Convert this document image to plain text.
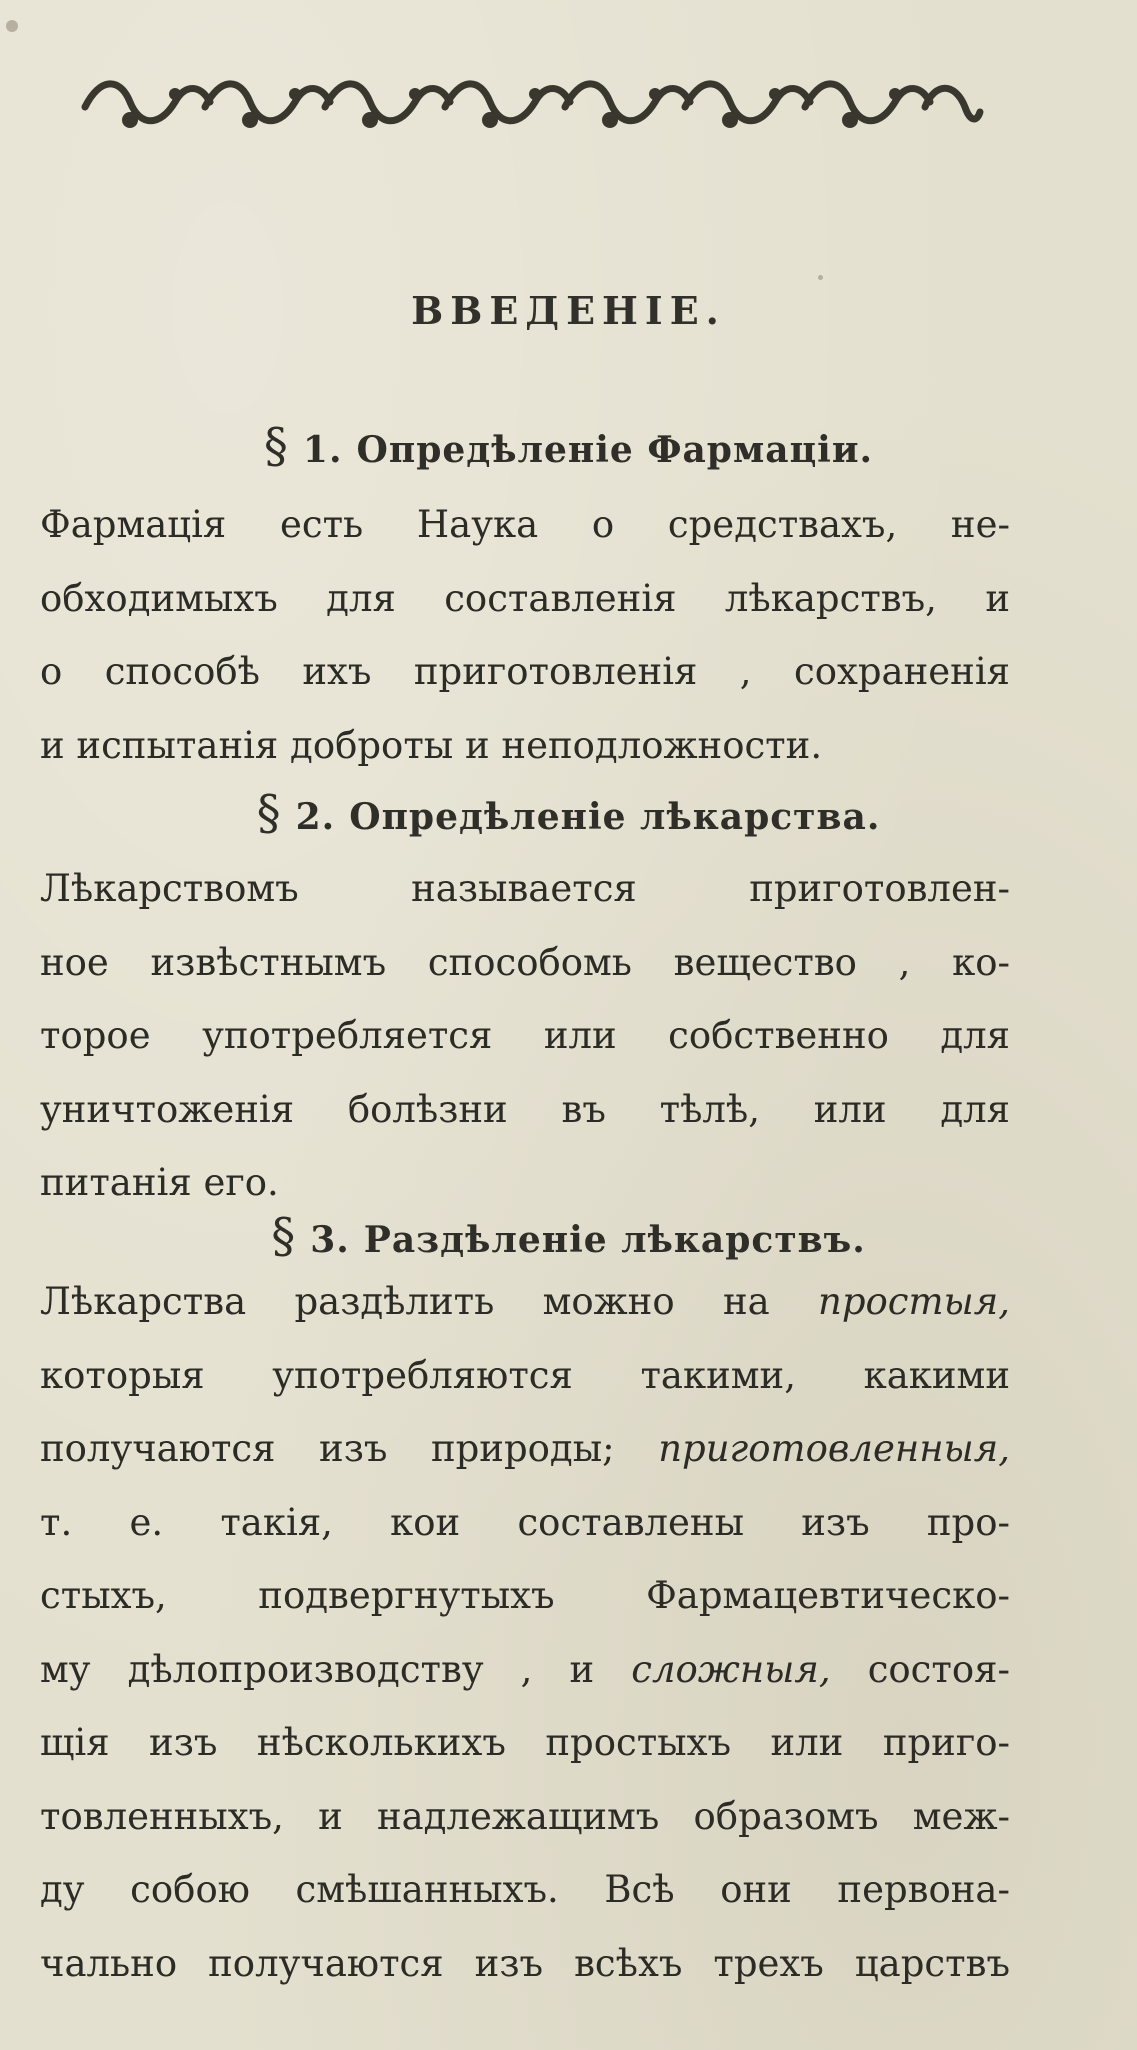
ВВЕДЕНIЕ.
§ 1. Опредѣленiе Фармацiи.
Фармацiя есть Наука о средствахъ, не-
обходимыхъ для составленiя лѣкарствъ, и
о способѣ ихъ приготовленiя , сохраненiя
и испытанiя доброты и неподложности.
§ 2. Опредѣленiе лѣкарства.
Лѣкарствомъ называется приготовлен-
ное извѣстнымъ способомь вещество , ко-
торое употребляется или собственно для
уничтоженiя болѣзни въ тѣлѣ, или для
питанiя его.
§ 3. Раздѣленiе лѣкарствъ.
Лѣкарства раздѣлить можно на простыя,
которыя употребляются такими, какими
получаются изъ природы; приготовленныя,
т. е. такiя, кои составлены изъ про-
стыхъ, подвергнутыхъ Фармацевтическо-
му дѣлопроизводству , и сложныя, состоя-
щiя изъ нѣсколькихъ простыхъ или приго-
товленныхъ, и надлежащимъ образомъ меж-
ду собою смѣшанныхъ. Всѣ они первона-
чально получаются изъ всѣхъ трехъ царствъ
